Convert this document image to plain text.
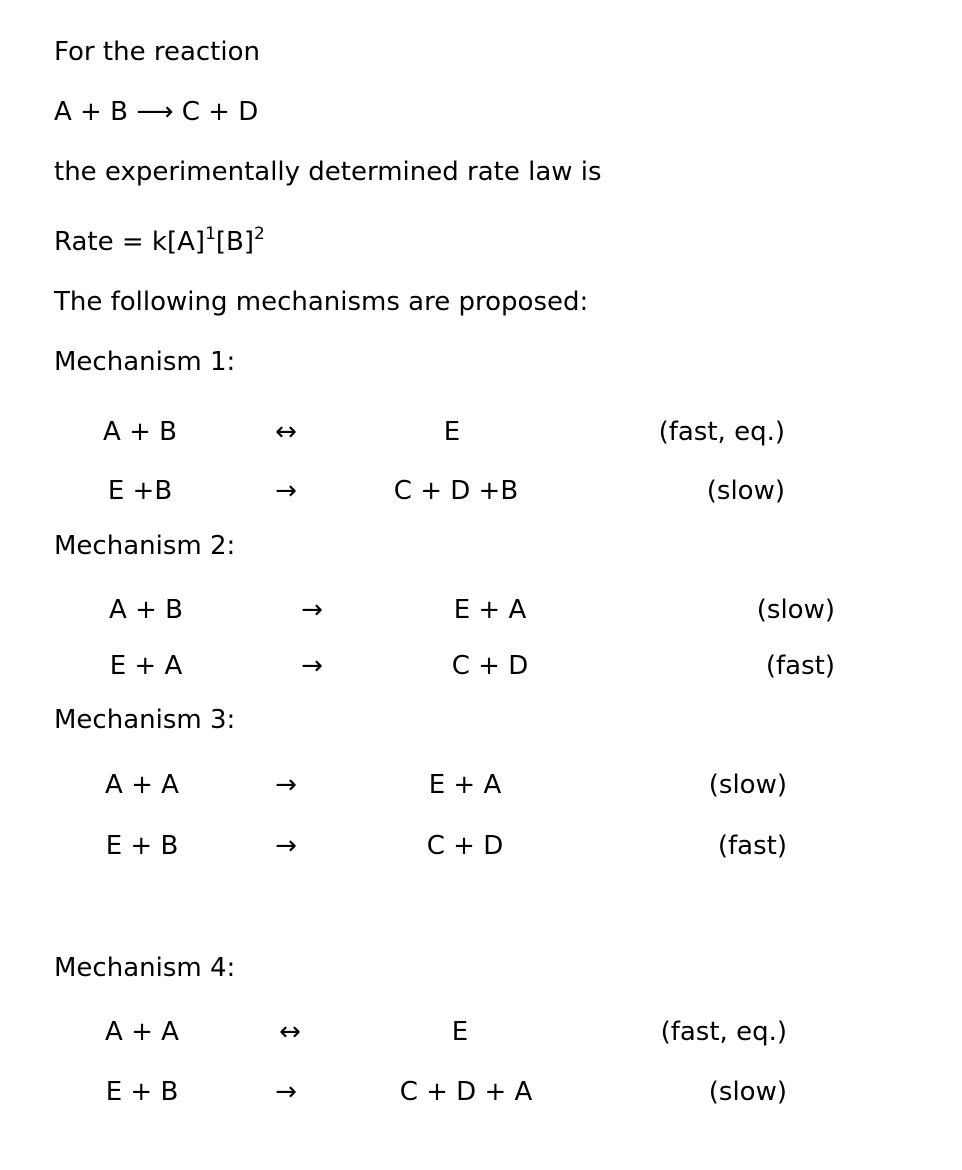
For the reaction
A + B ⟶ C + D
the experimentally determined rate law is
Rate = $k[A]^1[B]^2$
The following mechanisms are proposed:
Mechanism 1:
A + B	↔	E	(fast, eq.)
E +B	→	C + D +B	(slow)
Mechanism 2:
A + B	→	E + A	(slow)
E + A	→	C + D	(fast)
Mechanism 3:
A + A	→	E + A	(slow)
E + B	→	C + D	(fast)
Mechanism 4:
A + A	↔	E	(fast, eq.)
E + B	→	C + D + A	(slow)
